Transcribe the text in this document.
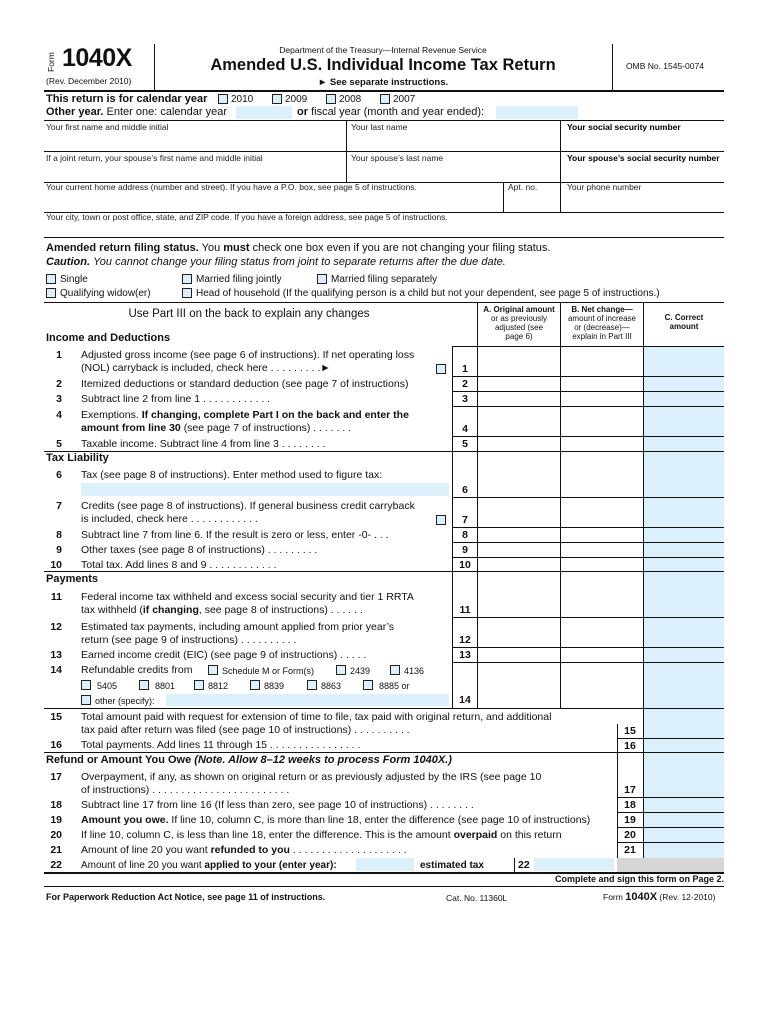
Form 1040X
(Rev. December 2010)
Department of the Treasury—Internal Revenue Service
Amended U.S. Individual Income Tax Return
► See separate instructions.
OMB No. 1545-0074
This return is for calendar year 2010	2009	2008	2007
Other year. Enter one: calendar year	or fiscal year (month and year ended):
Your first name and middle initial	Your last name	Your social security number
If a joint return, your spouse’s first name and middle initial	Your spouse’s last name	Your spouse’s social security number
Your current home address (number and street). If you have a P.O. box, see page 5 of instructions.	Apt. no.	Your phone number
Your city, town or post office, state, and ZIP code. If you have a foreign address, see page 5 of instructions.
Amended return filing status. You must check one box even if you are not changing your filing status.
Caution. You cannot change your filing status from joint to separate returns after the due date.
Single	Married filing jointly	Married filing separately
Qualifying widow(er)	Head of household (If the qualifying person is a child but not your dependent, see page 5 of instructions.)
Use Part III on the back to explain any changes	A. Original amount
or as previously adjusted (see page 6)
B. Net change—
amount of increase or (decrease)— explain in Part III
C. Correct amount
Income and Deductions
1 Adjusted gross income (see page 6 of instructions). If net operating loss
(NOL) carryback is included, check here . . . . . . . . .►	1
2 Itemized deductions or standard deduction (see page 7 of instructions)	2
3 Subtract line 2 from line 1 . . . . . . . . . . . .	3
4 Exemptions. If changing, complete Part I on the back and enter the
amount from line 30 (see page 7 of instructions) . . . . . . .	4
5 Taxable income. Subtract line 4 from line 3 . . . . . . . .	5
Tax Liability
6 Tax (see page 8 of instructions). Enter method used to figure tax:
6
7 Credits (see page 8 of instructions). If general business credit carryback
is included, check here . . . . . . . . . . . .	7
8 Subtract line 7 from line 6. If the result is zero or less, enter -0- . . .	8
9 Other taxes (see page 8 of instructions) . . . . . . . . .	9
10 Total tax. Add lines 8 and 9 . . . . . . . . . . . .	10
Payments
11 Federal income tax withheld and excess social security and tier 1 RRTA
tax withheld (if changing, see page 8 of instructions) . . . . . .	11
12 Estimated tax payments, including amount applied from prior year’s
return (see page 9 of instructions) . . . . . . . . . .	12
13 Earned income credit (EIC) (see page 9 of instructions) . . . . .	13
14 Refundable credits from	Schedule M or Form(s)	2439	4136
5405	8801	8812	8839	8863	8885 or
other (specify):	14
15 Total amount paid with request for extension of time to file, tax paid with original return, and additional
tax paid after return was filed (see page 10 of instructions) . . . . . . . . . .	15
16 Total payments. Add lines 11 through 15 . . . . . . . . . . . . . . . .	16
Refund or Amount You Owe (Note. Allow 8–12 weeks to process Form 1040X.)
17 Overpayment, if any, as shown on original return or as previously adjusted by the IRS (see page 10
of instructions) . . . . . . . . . . . . . . . . . . . . . . . .	17
18 Subtract line 17 from line 16 (If less than zero, see page 10 of instructions) . . . . . . . .	18
19 Amount you owe. If line 10, column C, is more than line 18, enter the difference (see page 10 of instructions)	19
20 If line 10, column C, is less than line 18, enter the difference. This is the amount overpaid on this return	20
21 Amount of line 20 you want refunded to you . . . . . . . . . . . . . . . . . . . .	21
22 Amount of line 20 you want applied to your (enter year):	estimated tax	22
Complete and sign this form on Page 2.
For Paperwork Reduction Act Notice, see page 11 of instructions.	Cat. No. 11360L	Form 1040X (Rev. 12-2010)
